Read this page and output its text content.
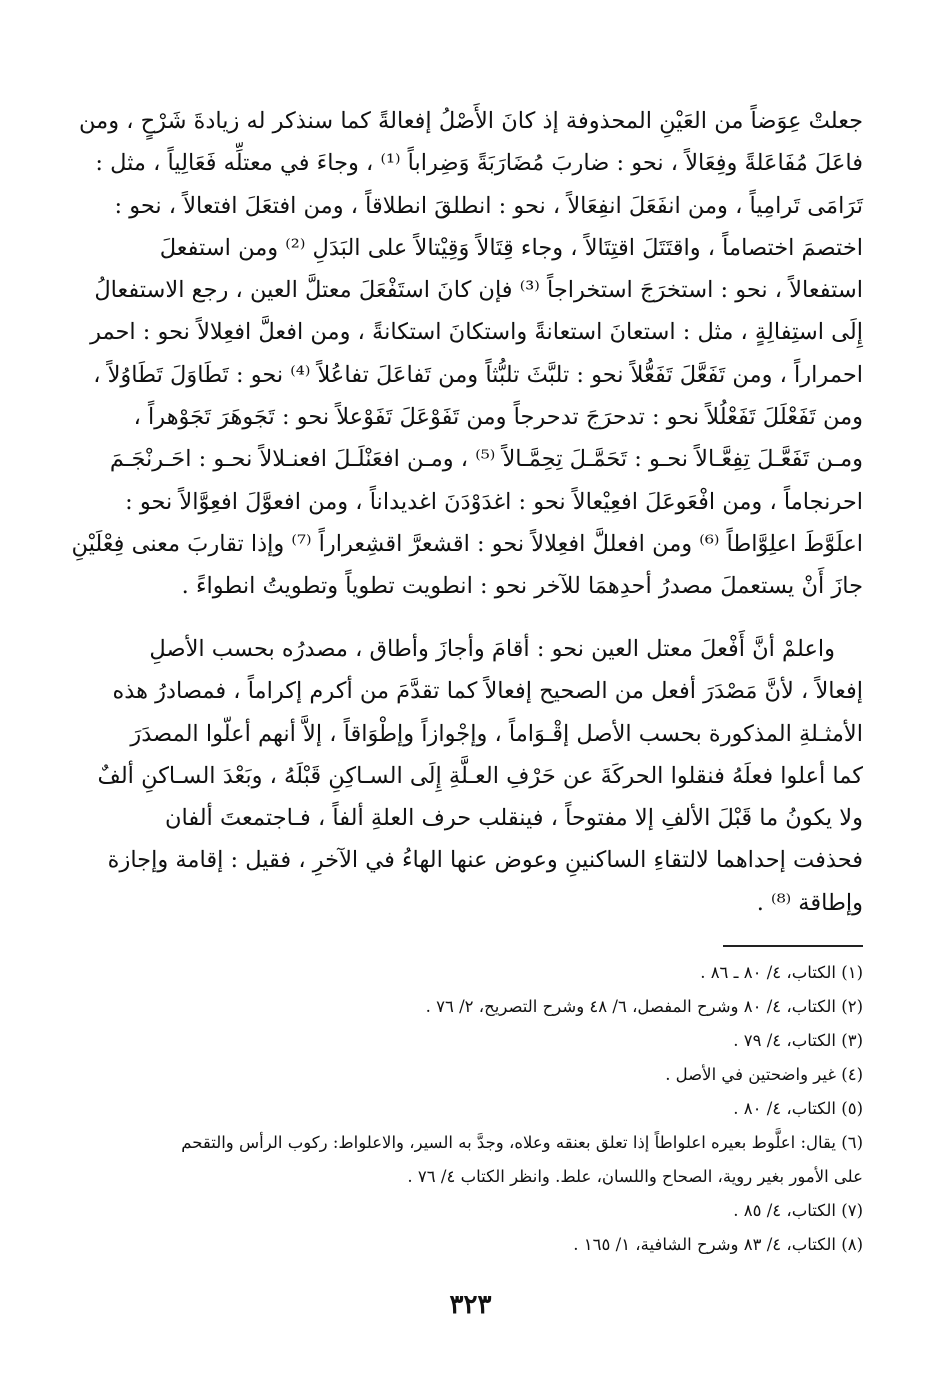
جعلتْ عِوَضاً من العَيْنِ المحذوفة إذ كانَ الأَصْلُ إفعالةً كما سنذكر له زيادةَ شَرْحٍ ، ومن
فاعَلَ مُفَاعَلةً وفِعَالاً ، نحو : ضاربَ مُضَارَبَةً وَضِراباً ⁽¹⁾ ، وجاءَ في معتلِّه فَعَالِياً ، مثل :
تَرَامَى تَرامِياً ، ومن انفَعَلَ انفِعَالاً ، نحو : انطلقَ انطلاقاً ، ومن افتعَلَ افتعالاً ، نحو :
اختصمَ اختصاماً ، واقتَتَلَ اقتِتَالاً ، وجاء قِتَالاً وَقِيْتالاً على البَدَلِ ⁽²⁾ ومن استفعلَ
استفعالاً ، نحو : استخرَجَ استخراجاً ⁽³⁾ فإن كانَ استَفْعَلَ معتلَّ العين ، رجع الاستفعالُ
إِلَى استِفالِةٍ ، مثل : استعانَ استعانةً واستكانَ استكانةً ، ومن افعلَّ افعِلالاً نحو : احمر
احمراراً ، ومن تَفَعَّلَ تَفَعُّلاً نحو : تلبَّثَ تلبُّثاً ومن تَفاعَلَ تفاعُلاً ⁽⁴⁾ نحو : تَطَاوَلَ تَطَاوُلاً ،
ومن تَفَعْلَلَ تَفَعْلُلاً نحو : تدحرَجَ تدحرجاً ومن تَفَوْعَلَ تَفَوْعلاً نحو : تَجَوهَرَ تَجَوْهراً ،
ومـن تَفَعَّـلَ تِفِعَّـالاً نحـو : تَحَمَّـلَ تِحِمَّـالاً ⁽⁵⁾ ، ومـن افعَنْلَـلَ افعنـلالاً نحـو : احَـرنْجَـمَ
احرنجاماً ، ومن افْعَوعَلَ افعِيْعالاً نحو : اغدَوْدَنَ اغديداناً ، ومن افعوَّلَ افعِوَّالاً نحو :
اعلَوَّطَ اعلِوَّاطاً ⁽⁶⁾ ومن افعللَّ افعِلالاً نحو : اقشعرَّ اقشِعراراً ⁽⁷⁾ وإذا تقاربَ معنى فِعْلَيْنِ
جازَ أَنْ يستعملَ مصدرُ أحدِهمَا للآخر نحو : انطويت تطوياً وتطويتُ انطواءً .

واعلمْ أنَّ أَفْعلَ معتل العين نحو : أقامَ وأجازَ وأطاق ، مصدرُه بحسب الأصلِ
إفعالاً ، لأنَّ مَصْدَرَ أفعل من الصحيح إفعالاً كما تقدَّمَ من أكرم إكراماً ، فمصادرُ هذه
الأمثـلةِ المذكورة بحسب الأصل إقْـوَاماً ، وإجْوازاً وإطْوَاقاً ، إلاَّ أنهم أعلّوا المصدَرَ
كما أعلوا فعلَهُ فنقلوا الحركَةَ عن حَرْفِ العـلَّةِ إِلَى السـاكِنِ قَبْلَهُ ، وبَعْدَ السـاكنِ ألفٌ
ولا يكونُ ما قَبْلَ الألفِ إلا مفتوحاً ، فينقلب حرف العلةِ ألفاً ، فـاجتمعتَ ألفان
فحذفت إحداهما لالتقاءِ الساكنينِ وعوض عنها الهاءُ في الآخرِ ، فقيل : إقامة وإجازة
وإطاقة ⁽⁸⁾ .

(١) الكتاب، ٤/ ٨٠ ـ ٨٦ .
(٢) الكتاب، ٤/ ٨٠ وشرح المفصل، ٦/ ٤٨ وشرح التصريح، ٢/ ٧٦ .
(٣) الكتاب، ٤/ ٧٩ .
(٤) غير واضحتين في الأصل .
(٥) الكتاب، ٤/ ٨٠ .
(٦) يقال: اعلَّوط بعيره اعلواطاً إذا تعلق بعنقه وعلاه، وجدَّ به السير، والاعلواط: ركوب الرأس والتقحم
على الأمور بغير روية، الصحاح واللسان، علط. وانظر الكتاب ٤/ ٧٦ .
(٧) الكتاب، ٤/ ٨٥ .
(٨) الكتاب، ٤/ ٨٣ وشرح الشافية، ١/ ١٦٥ .
٣٢٣
